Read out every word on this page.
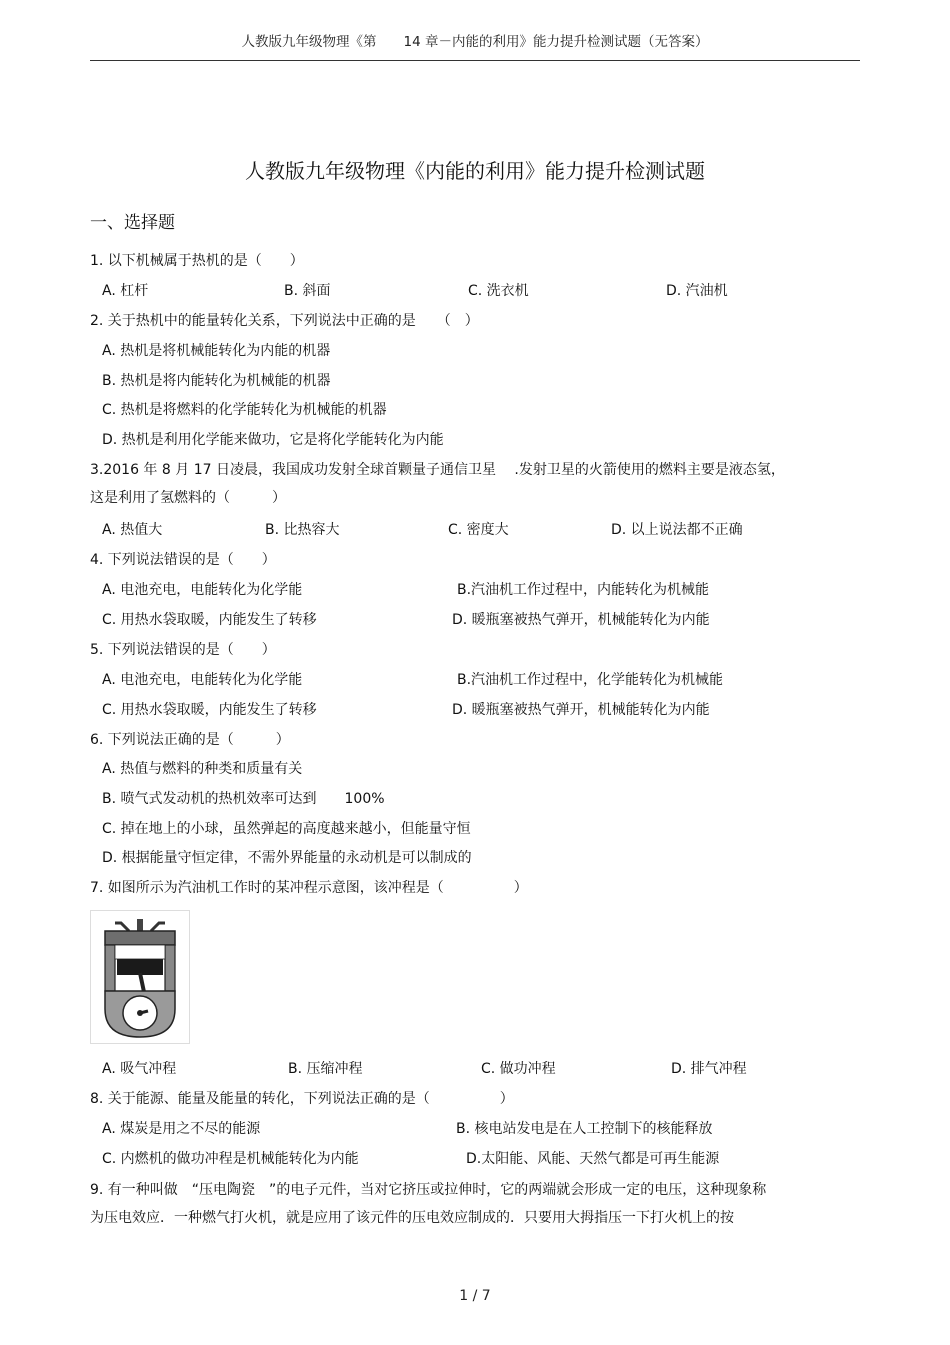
人教版九年级物理《第　　14 章－内能的利用》能力提升检测试题（无答案）
人教版九年级物理《内能的利用》能力提升检测试题
一、选择题
1. 以下机械属于热机的是（　　）
A. 杠杆	B. 斜面	C. 洗衣机	D. 汽油机
2. 关于热机中的能量转化关系，下列说法中正确的是　　（　）
A. 热机是将机械能转化为内能的机器
B. 热机是将内能转化为机械能的机器
C. 热机是将燃料的化学能转化为机械能的机器
D. 热机是利用化学能来做功，它是将化学能转化为内能
3.2016 年 8 月 17 日凌晨，我国成功发射全球首颗量子通信卫星　 .发射卫星的火箭使用的燃料主要是液态氢，
这是利用了氢燃料的（　　　）
A. 热值大	B. 比热容大	C. 密度大	D. 以上说法都不正确
4. 下列说法错误的是（　　）
A. 电池充电，电能转化为化学能	B.汽油机工作过程中，内能转化为机械能
C. 用热水袋取暖，内能发生了转移	D. 暖瓶塞被热气弹开，机械能转化为内能
5. 下列说法错误的是（　　）
A. 电池充电，电能转化为化学能	B.汽油机工作过程中，化学能转化为机械能
C. 用热水袋取暖，内能发生了转移	D. 暖瓶塞被热气弹开，机械能转化为内能
6. 下列说法正确的是（　　　）
A. 热值与燃料的种类和质量有关
B. 喷气式发动机的热机效率可达到　　100%
C. 掉在地上的小球，虽然弹起的高度越来越小，但能量守恒
D. 根据能量守恒定律，不需外界能量的永动机是可以制成的
7. 如图所示为汽油机工作时的某冲程示意图，该冲程是（　　　　　）
A. 吸气冲程	B. 压缩冲程	C. 做功冲程	D. 排气冲程
8. 关于能源、能量及能量的转化，下列说法正确的是（　　　　　）
A. 煤炭是用之不尽的能源	B. 核电站发电是在人工控制下的核能释放
C. 内燃机的做功冲程是机械能转化为内能	D.太阳能、风能、天然气都是可再生能源
9. 有一种叫做　“压电陶瓷　”的电子元件，当对它挤压或拉伸时，它的两端就会形成一定的电压，这种现象称
为压电效应．一种燃气打火机，就是应用了该元件的压电效应制成的．只要用大拇指压一下打火机上的按
1 / 7
